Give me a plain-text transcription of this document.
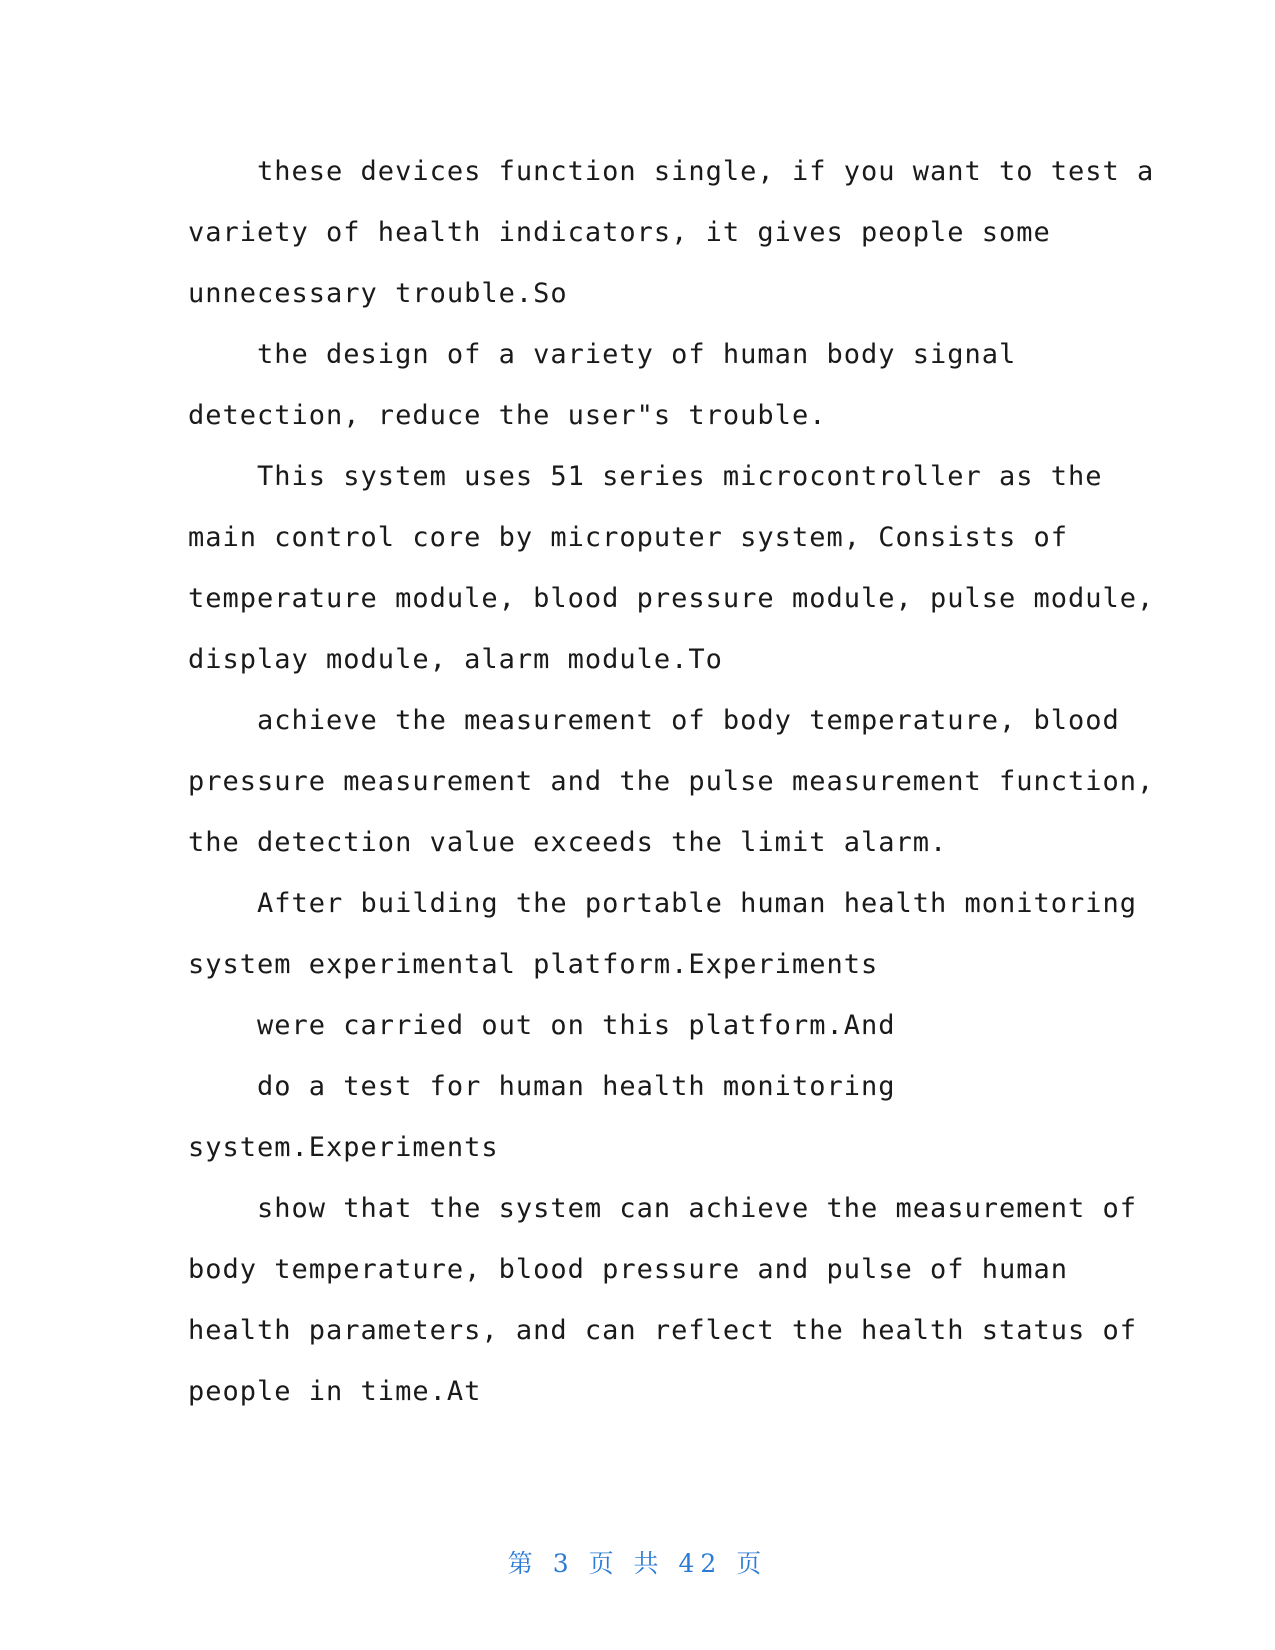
these devices function single, if you want to test a
variety of health indicators, it gives people some
unnecessary trouble.So
the design of a variety of human body signal
detection, reduce the user"s trouble.
This system uses 51 series microcontroller as the
main control core by microputer system, Consists of
temperature module, blood pressure module, pulse module,
display module, alarm module.To
achieve the measurement of body temperature, blood
pressure measurement and the pulse measurement function,
the detection value exceeds the limit alarm.
After building the portable human health monitoring
system experimental platform.Experiments
were carried out on this platform.And
do a test for human health monitoring
system.Experiments
show that the system can achieve the measurement of
body temperature, blood pressure and pulse of human
health parameters, and can reflect the health status of
people in time.At
第 3 页 共 42 页
